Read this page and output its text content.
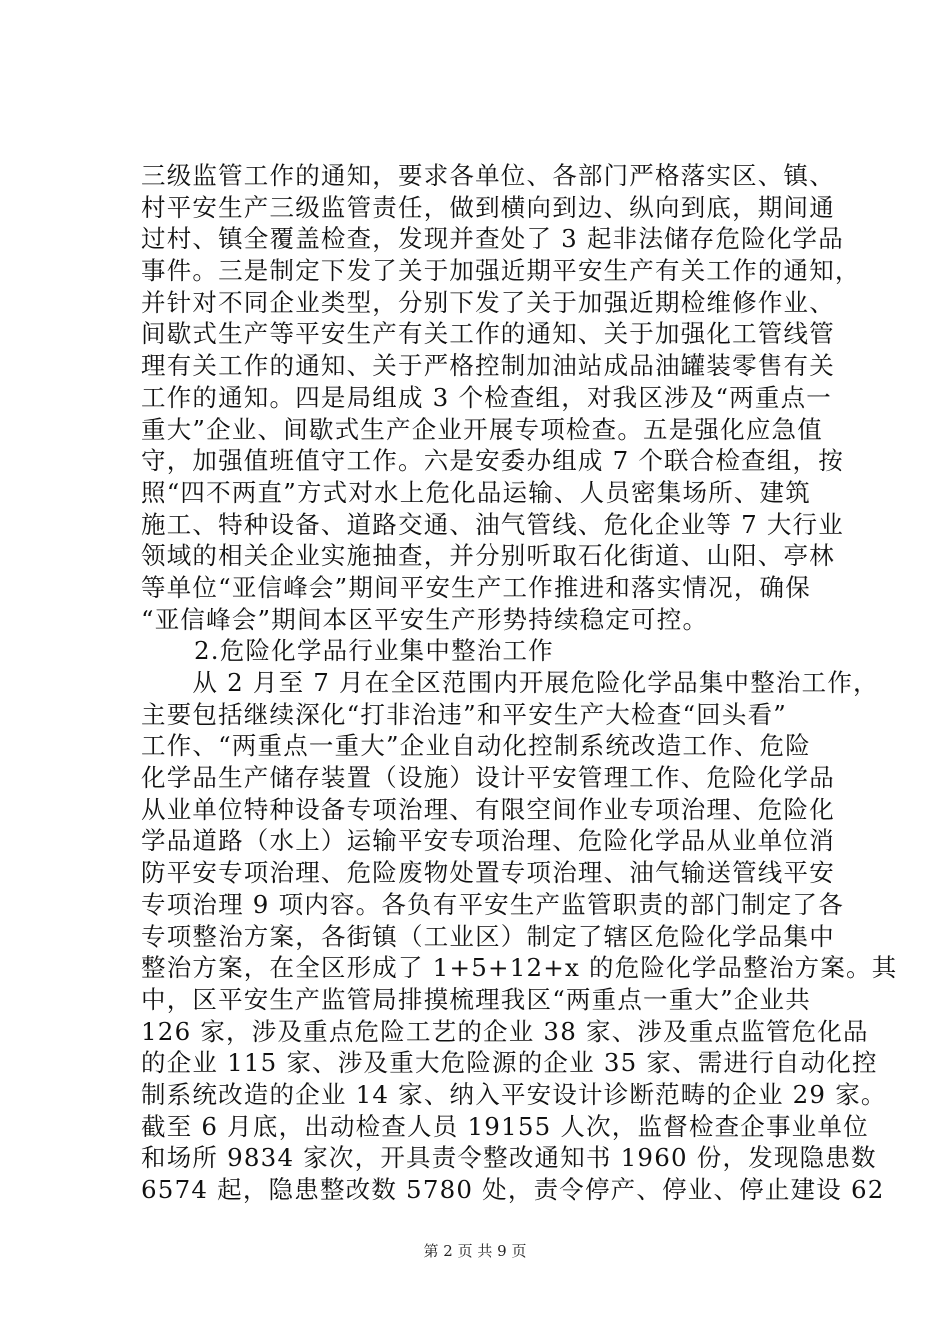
三级监管工作的通知，要求各单位、各部门严格落实区、镇、
村平安生产三级监管责任，做到横向到边、纵向到底，期间通
过村、镇全覆盖检查，发现并查处了 3 起非法储存危险化学品
事件。三是制定下发了关于加强近期平安生产有关工作的通知，
并针对不同企业类型，分别下发了关于加强近期检维修作业、
间歇式生产等平安生产有关工作的通知、关于加强化工管线管
理有关工作的通知、关于严格控制加油站成品油罐装零售有关
工作的通知。四是局组成 3 个检查组，对我区涉及“两重点一
重大”企业、间歇式生产企业开展专项检查。五是强化应急值
守，加强值班值守工作。六是安委办组成 7 个联合检查组，按
照“四不两直”方式对水上危化品运输、人员密集场所、建筑
施工、特种设备、道路交通、油气管线、危化企业等 7 大行业
领域的相关企业实施抽查，并分别听取石化街道、山阳、亭林
等单位“亚信峰会”期间平安生产工作推进和落实情况，确保
“亚信峰会”期间本区平安生产形势持续稳定可控。
2.危险化学品行业集中整治工作
　　从 2 月至 7 月在全区范围内开展危险化学品集中整治工作，
主要包括继续深化“打非治违”和平安生产大检查“回头看”
工作、“两重点一重大”企业自动化控制系统改造工作、危险
化学品生产储存装置（设施）设计平安管理工作、危险化学品
从业单位特种设备专项治理、有限空间作业专项治理、危险化
学品道路（水上）运输平安专项治理、危险化学品从业单位消
防平安专项治理、危险废物处置专项治理、油气输送管线平安
专项治理 9 项内容。各负有平安生产监管职责的部门制定了各
专项整治方案，各街镇（工业区）制定了辖区危险化学品集中
整治方案，在全区形成了 1+5+12+x 的危险化学品整治方案。其
中，区平安生产监管局排摸梳理我区“两重点一重大”企业共
126 家，涉及重点危险工艺的企业 38 家、涉及重点监管危化品
的企业 115 家、涉及重大危险源的企业 35 家、需进行自动化控
制系统改造的企业 14 家、纳入平安设计诊断范畴的企业 29 家。
截至 6 月底，出动检查人员 19155 人次，监督检查企事业单位
和场所 9834 家次，开具责令整改通知书 1960 份，发现隐患数
6574 起，隐患整改数 5780 处，责令停产、停业、停止建设 62
第 2 页 共 9 页
